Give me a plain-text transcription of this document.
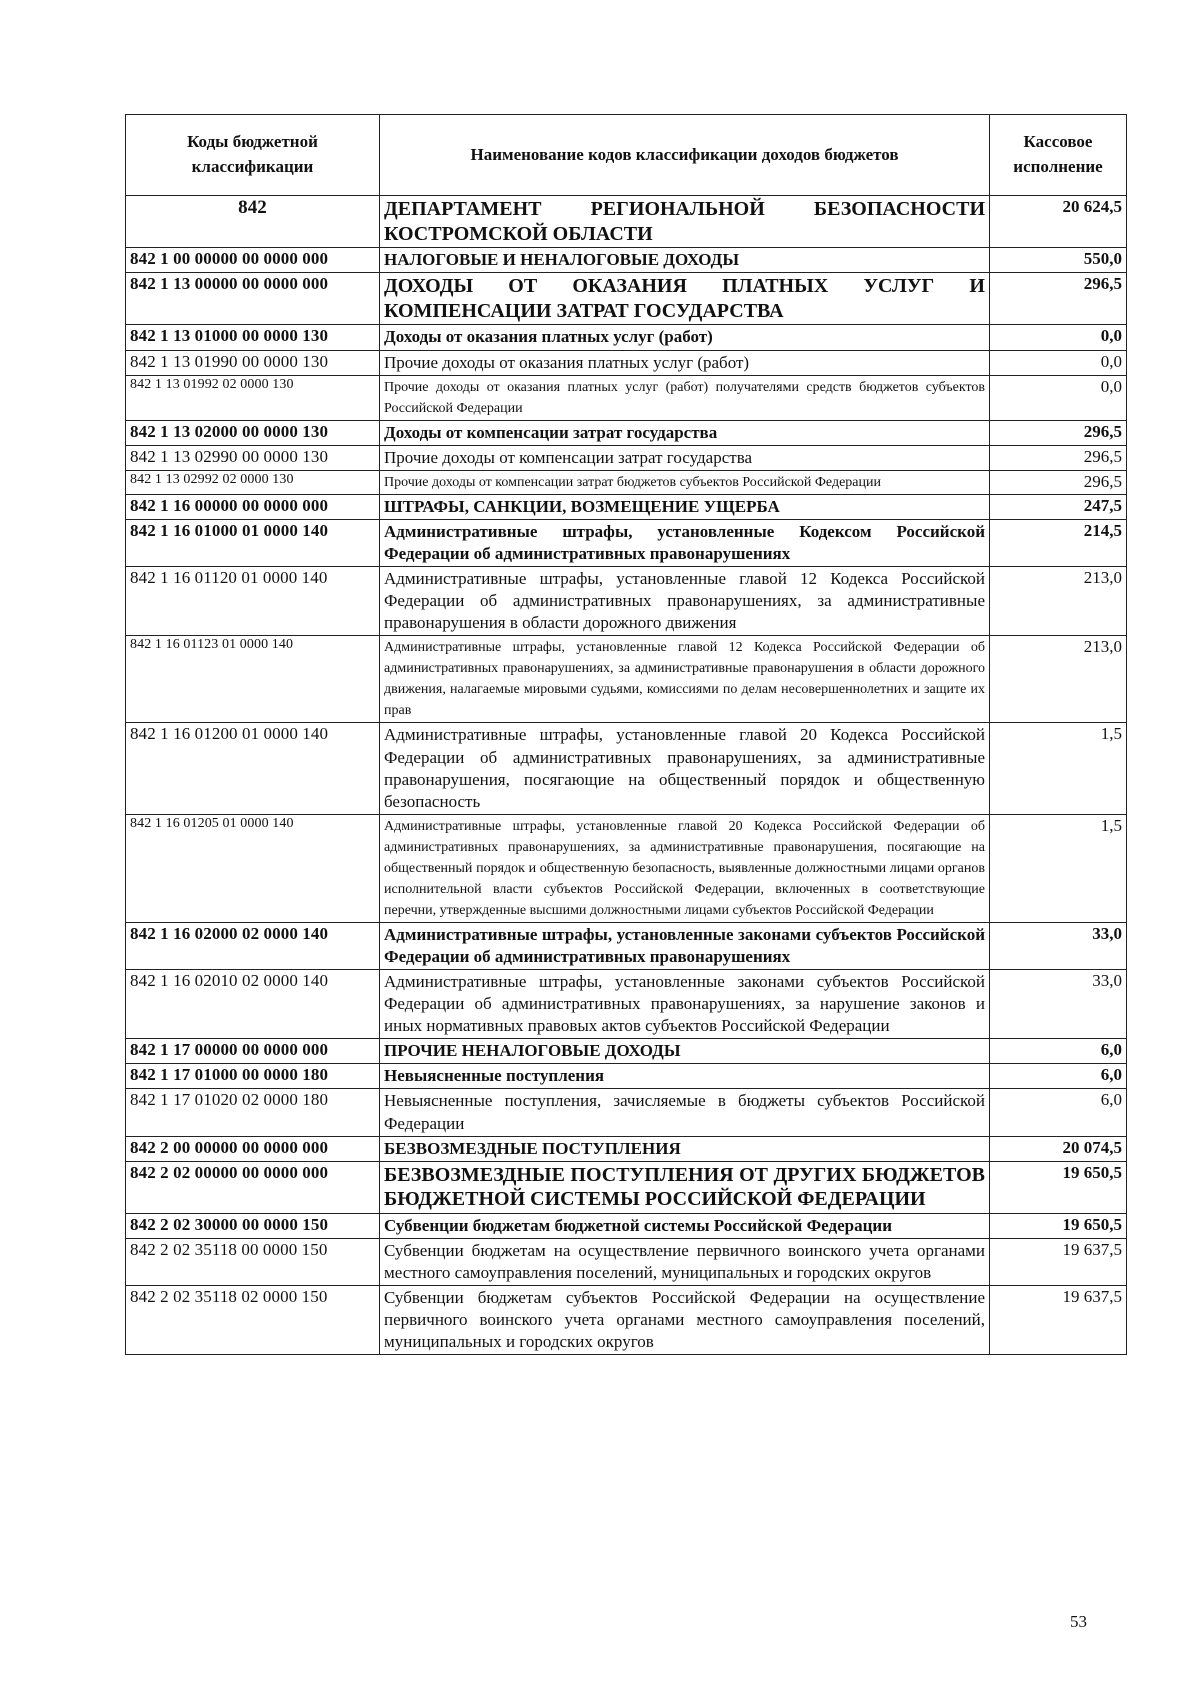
Коды бюджетной классификации	Наименование кодов классификации доходов бюджетов	Кассовое исполнение
842	ДЕПАРТАМЕНТ РЕГИОНАЛЬНОЙ БЕЗОПАСНОСТИ КОСТРОМСКОЙ ОБЛАСТИ	20 624,5
842 1 00 00000 00 0000 000	НАЛОГОВЫЕ И НЕНАЛОГОВЫЕ ДОХОДЫ	550,0
842 1 13 00000 00 0000 000	ДОХОДЫ ОТ ОКАЗАНИЯ ПЛАТНЫХ УСЛУГ И КОМПЕНСАЦИИ ЗАТРАТ ГОСУДАРСТВА	296,5
842 1 13 01000 00 0000 130	Доходы от оказания платных услуг (работ)	0,0
842 1 13 01990 00 0000 130	Прочие доходы от оказания платных услуг (работ)	0,0
842 1 13 01992 02 0000 130	Прочие доходы от оказания платных услуг (работ) получателями средств бюджетов субъектов Российской Федерации	0,0
842 1 13 02000 00 0000 130	Доходы от компенсации затрат государства	296,5
842 1 13 02990 00 0000 130	Прочие доходы от компенсации затрат государства	296,5
842 1 13 02992 02 0000 130	Прочие доходы от компенсации затрат бюджетов субъектов Российской Федерации	296,5
842 1 16 00000 00 0000 000	ШТРАФЫ, САНКЦИИ, ВОЗМЕЩЕНИЕ УЩЕРБА	247,5
842 1 16 01000 01 0000 140	Административные штрафы, установленные Кодексом Российской Федерации об административных правонарушениях	214,5
842 1 16 01120 01 0000 140	Административные штрафы, установленные главой 12 Кодекса Российской Федерации об административных правонарушениях, за административные правонарушения в области дорожного движения	213,0
842 1 16 01123 01 0000 140	Административные штрафы, установленные главой 12 Кодекса Российской Федерации об административных правонарушениях, за административные правонарушения в области дорожного движения, налагаемые мировыми судьями, комиссиями по делам несовершеннолетних и защите их прав	213,0
842 1 16 01200 01 0000 140	Административные штрафы, установленные главой 20 Кодекса Российской Федерации об административных правонарушениях, за административные правонарушения, посягающие на общественный порядок и общественную безопасность	1,5
842 1 16 01205 01 0000 140	Административные штрафы, установленные главой 20 Кодекса Российской Федерации об административных правонарушениях, за административные правонарушения, посягающие на общественный порядок и общественную безопасность, выявленные должностными лицами органов исполнительной власти субъектов Российской Федерации, включенных в соответствующие перечни, утвержденные высшими должностными лицами субъектов Российской Федерации	1,5
842 1 16 02000 02 0000 140	Административные штрафы, установленные законами субъектов Российской Федерации об административных правонарушениях	33,0
842 1 16 02010 02 0000 140	Административные штрафы, установленные законами субъектов Российской Федерации об административных правонарушениях, за нарушение законов и иных нормативных правовых актов субъектов Российской Федерации	33,0
842 1 17 00000 00 0000 000	ПРОЧИЕ НЕНАЛОГОВЫЕ ДОХОДЫ	6,0
842 1 17 01000 00 0000 180	Невыясненные поступления	6,0
842 1 17 01020 02 0000 180	Невыясненные поступления, зачисляемые в бюджеты субъектов Российской Федерации	6,0
842 2 00 00000 00 0000 000	БЕЗВОЗМЕЗДНЫЕ ПОСТУПЛЕНИЯ	20 074,5
842 2 02 00000 00 0000 000	БЕЗВОЗМЕЗДНЫЕ ПОСТУПЛЕНИЯ ОТ ДРУГИХ БЮДЖЕТОВ БЮДЖЕТНОЙ СИСТЕМЫ РОССИЙСКОЙ ФЕДЕРАЦИИ	19 650,5
842 2 02 30000 00 0000 150	Субвенции бюджетам бюджетной системы Российской Федерации	19 650,5
842 2 02 35118 00 0000 150	Субвенции бюджетам на осуществление первичного воинского учета органами местного самоуправления поселений, муниципальных и городских округов	19 637,5
842 2 02 35118 02 0000 150	Субвенции бюджетам субъектов Российской Федерации на осуществление первичного воинского учета органами местного самоуправления поселений, муниципальных и городских округов	19 637,5
53
